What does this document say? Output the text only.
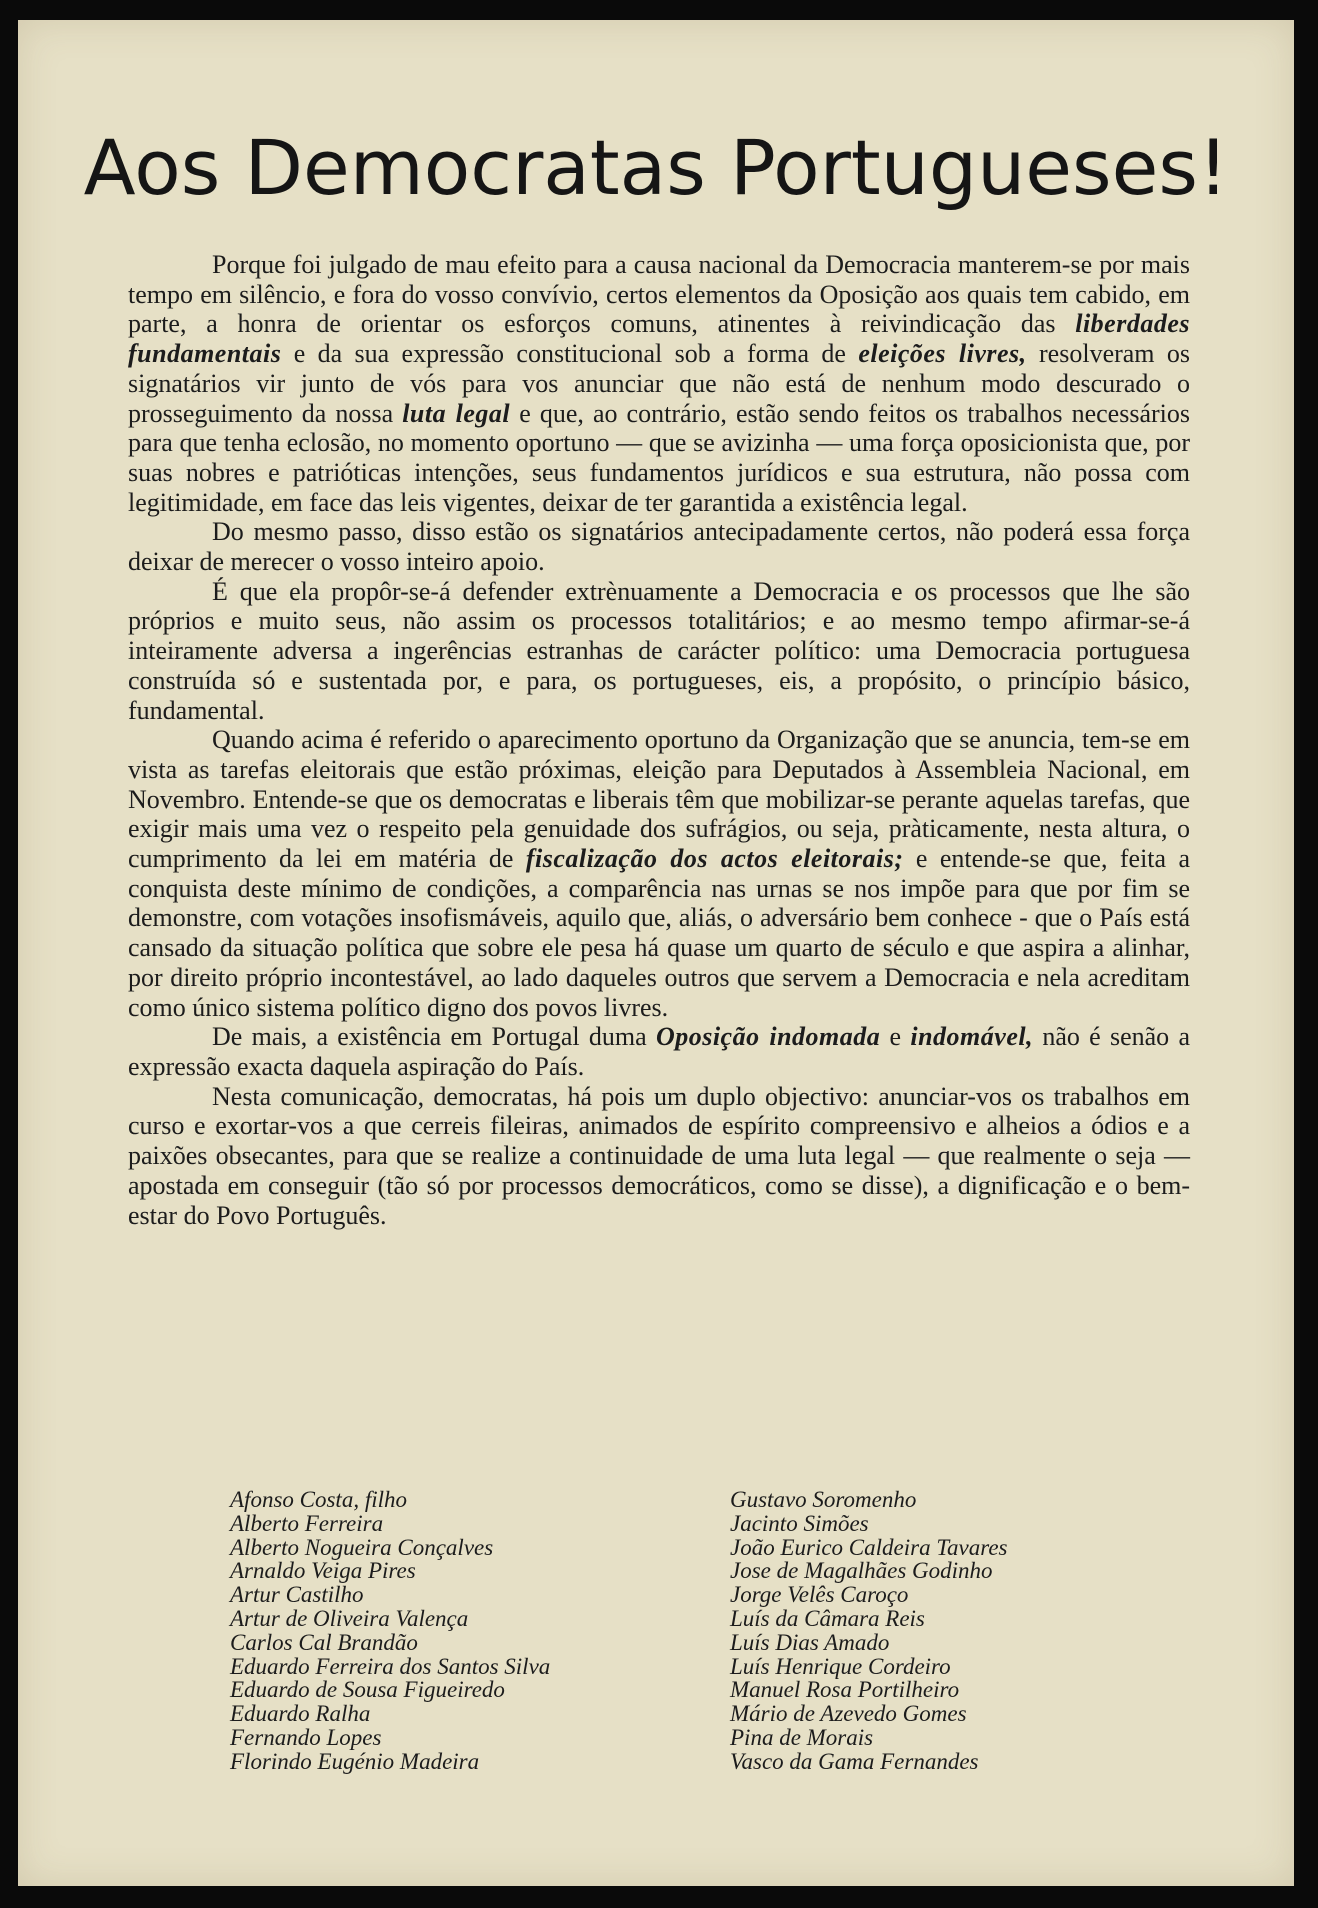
Aos Democratas Portugueses!

Porque foi julgado de mau efeito para a causa nacional da Democracia manterem-se por mais tempo em silêncio, e fora do vosso convívio, certos elementos da Oposição aos quais tem cabido, em parte, a honra de orientar os esforços comuns, atinentes à reivindicação das liberdades fundamentais e da sua expressão constitucional sob a forma de eleições livres, resolveram os signatários vir junto de vós para vos anunciar que não está de nenhum modo descurado o prosseguimento da nossa luta legal e que, ao contrário, estão sendo feitos os trabalhos necessários para que tenha eclosão, no momento oportuno — que se avizinha — uma força oposicionista que, por suas nobres e patrióticas intenções, seus fundamentos jurídicos e sua estrutura, não possa com legitimidade, em face das leis vigentes, deixar de ter garantida a existência legal.

Do mesmo passo, disso estão os signatários antecipadamente certos, não poderá essa força deixar de merecer o vosso inteiro apoio.

É que ela propôr-se-á defender extrènuamente a Democracia e os processos que lhe são próprios e muito seus, não assim os processos totalitários; e ao mesmo tempo afirmar-se-á inteiramente adversa a ingerências estranhas de carácter político: uma Democracia portuguesa construída só e sustentada por, e para, os portugueses, eis, a propósito, o princípio básico, fundamental.

Quando acima é referido o aparecimento oportuno da Organização que se anuncia, tem-se em vista as tarefas eleitorais que estão próximas, eleição para Deputados à Assembleia Nacional, em Novembro. Entende-se que os democratas e liberais têm que mobilizar-se perante aquelas tarefas, que exigir mais uma vez o respeito pela genuidade dos sufrágios, ou seja, pràticamente, nesta altura, o cumprimento da lei em matéria de fiscalização dos actos eleitorais; e entende-se que, feita a conquista deste mínimo de condições, a comparência nas urnas se nos impõe para que por fim se demonstre, com votações insofismáveis, aquilo que, aliás, o adversário bem conhece - que o País está cansado da situação política que sobre ele pesa há quase um quarto de século e que aspira a alinhar, por direito próprio incontestável, ao lado daqueles outros que servem a Democracia e nela acreditam como único sistema político digno dos povos livres.

De mais, a existência em Portugal duma Oposição indomada e indomável, não é senão a expressão exacta daquela aspiração do País.

Nesta comunicação, democratas, há pois um duplo objectivo: anunciar-vos os trabalhos em curso e exortar-vos a que cerreis fileiras, animados de espírito compreensivo e alheios a ódios e a paixões obsecantes, para que se realize a continuidade de uma luta legal — que realmente o seja — apostada em conseguir (tão só por processos democráticos, como se disse), a dignificação e o bem-estar do Povo Português.

Afonso Costa, filho
Alberto Ferreira
Alberto Nogueira Conçalves
Arnaldo Veiga Pires
Artur Castilho
Artur de Oliveira Valença
Carlos Cal Brandão
Eduardo Ferreira dos Santos Silva
Eduardo de Sousa Figueiredo
Eduardo Ralha
Fernando Lopes
Florindo Eugénio Madeira
Gustavo Soromenho
Jacinto Simões
João Eurico Caldeira Tavares
Jose de Magalhães Godinho
Jorge Velês Caroço
Luís da Câmara Reis
Luís Dias Amado
Luís Henrique Cordeiro
Manuel Rosa Portilheiro
Mário de Azevedo Gomes
Pina de Morais
Vasco da Gama Fernandes
